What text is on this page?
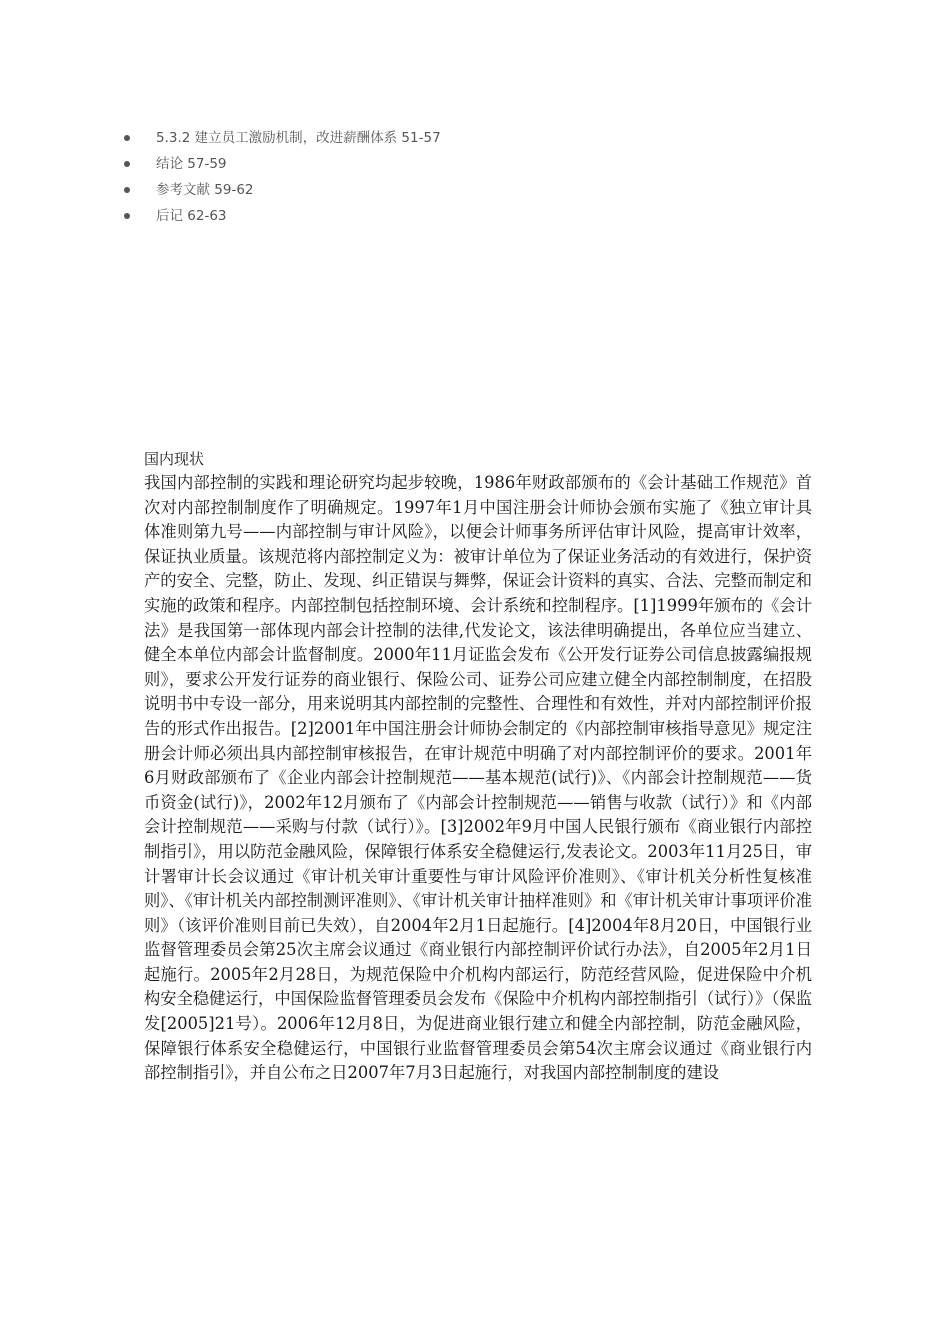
5.3.2 建立员工激励机制，改进薪酬体系 51-57
结论 57-59
参考文献 59-62
后记 62-63
国内现状

我国内部控制的实践和理论研究均起步较晚，1986年财政部颁布的《会计基础工作规范》首次对内部控制制度作了明确规定。1997年1月中国注册会计师协会颁布实施了《独立审计具体准则第九号——内部控制与审计风险》，以便会计师事务所评估审计风险，提高审计效率，保证执业质量。该规范将内部控制定义为：被审计单位为了保证业务活动的有效进行，保护资产的安全、完整，防止、发现、纠正错误与舞弊，保证会计资料的真实、合法、完整而制定和实施的政策和程序。内部控制包括控制环境、会计系统和控制程序。[1]1999年颁布的《会计法》是我国第一部体现内部会计控制的法律,代发论文，该法律明确提出，各单位应当建立、健全本单位内部会计监督制度。2000年11月证监会发布《公开发行证券公司信息披露编报规则》，要求公开发行证券的商业银行、保险公司、证券公司应建立健全内部控制制度，在招股说明书中专设一部分，用来说明其内部控制的完整性、合理性和有效性，并对内部控制评价报告的形式作出报告。[2]2001年中国注册会计师协会制定的《内部控制审核指导意见》规定注册会计师必须出具内部控制审核报告，在审计规范中明确了对内部控制评价的要求。2001年6月财政部颁布了《企业内部会计控制规范——基本规范(试行)》、《内部会计控制规范——货币资金(试行)》，2002年12月颁布了《内部会计控制规范——销售与收款（试行）》和《内部会计控制规范——采购与付款（试行）》。[3]2002年9月中国人民银行颁布《商业银行内部控制指引》，用以防范金融风险，保障银行体系安全稳健运行,发表论文。2003年11月25日，审计署审计长会议通过《审计机关审计重要性与审计风险评价准则》、《审计机关分析性复核准则》、《审计机关内部控制测评准则》、《审计机关审计抽样准则》和《审计机关审计事项评价准则》（该评价准则目前已失效），自2004年2月1日起施行。[4]2004年8月20日，中国银行业监督管理委员会第25次主席会议通过《商业银行内部控制评价试行办法》，自2005年2月1日起施行。2005年2月28日，为规范保险中介机构内部运行，防范经营风险，促进保险中介机构安全稳健运行，中国保险监督管理委员会发布《保险中介机构内部控制指引（试行）》（保监发[2005]21号）。2006年12月8日，为促进商业银行建立和健全内部控制，防范金融风险，保障银行体系安全稳健运行，中国银行业监督管理委员会第54次主席会议通过《商业银行内部控制指引》，并自公布之日2007年7月3日起施行，对我国内部控制制度的建设
